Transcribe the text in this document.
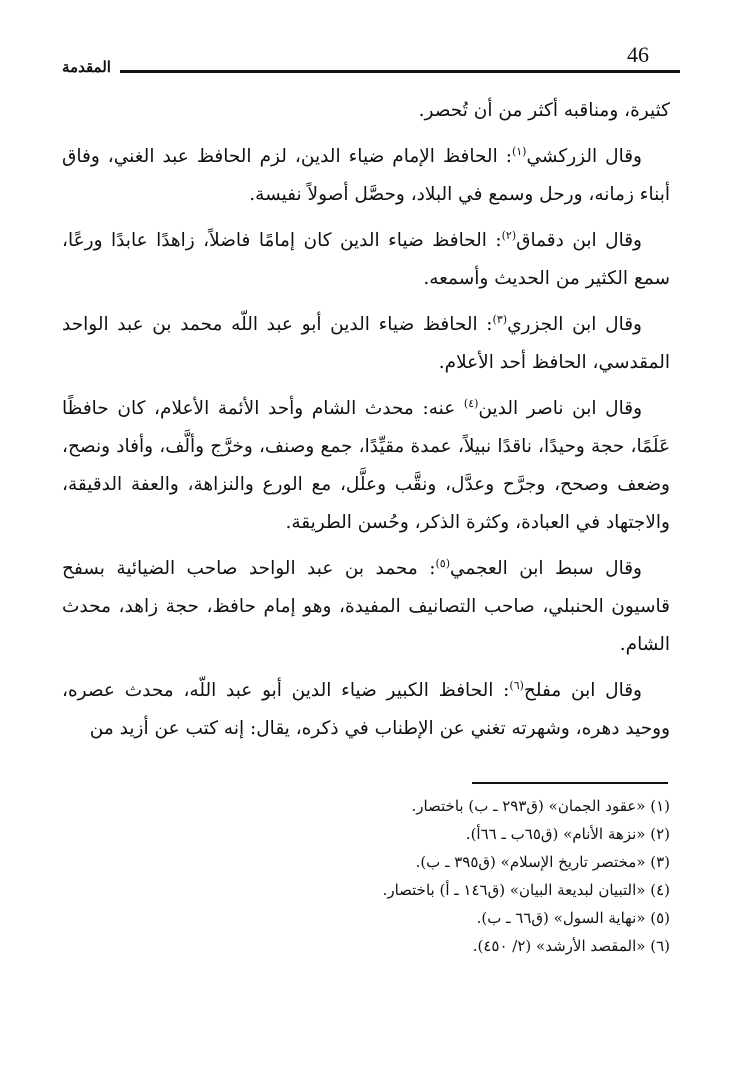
46
المقدمة

كثيرة، ومناقبه أكثر من أن تُحصر.

وقال الزركشي$^{(١)}$: الحافظ الإمام ضياء الدين، لزم الحافظ عبد الغني، وفاق أبناء زمانه، ورحل وسمع في البلاد، وحصَّل أصولاً نفيسة.

وقال ابن دقماق$^{(٢)}$: الحافظ ضياء الدين كان إمامًا فاضلاً، زاهدًا عابدًا ورعًا، سمع الكثير من الحديث وأسمعه.

وقال ابن الجزري$^{(٣)}$: الحافظ ضياء الدين أبو عبد اللّه محمد بن عبد الواحد المقدسي، الحافظ أحد الأعلام.

وقال ابن ناصر الدين$^{(٤)}$ عنه: محدث الشام وأحد الأئمة الأعلام، كان حافظًا عَلَمًا، حجة وحيدًا، ناقدًا نبيلاً، عمدة مقيِّدًا، جمع وصنف، وخرَّج وألَّف، وأفاد ونصح، وضعف وصحح، وجرَّح وعدَّل، ونقَّب وعلَّل، مع الورع والنزاهة، والعفة الدقيقة، والاجتهاد في العبادة، وكثرة الذكر، وحُسن الطريقة.

وقال سبط ابن العجمي$^{(٥)}$: محمد بن عبد الواحد صاحب الضيائية بسفح قاسيون الحنبلي، صاحب التصانيف المفيدة، وهو إمام حافظ، حجة زاهد، محدث الشام.

وقال ابن مفلح$^{(٦)}$: الحافظ الكبير ضياء الدين أبو عبد اللّه، محدث عصره، ووحيد دهره، وشهرته تغني عن الإطناب في ذكره، يقال: إنه كتب عن أزيد من

(١) «عقود الجمان» (ق٢٩٣ ـ ب) باختصار.

(٢) «نزهة الأنام» (ق٦٥ب ـ ٦٦أ).

(٣) «مختصر تاريخ الإسلام» (ق٣٩٥ ـ ب).

(٤) «التبيان لبديعة البيان» (ق١٤٦ ـ أ) باختصار.

(٥) «نهاية السول» (ق٦٦ ـ ب).

(٦) «المقصد الأرشد» (٢/ ٤٥٠).
